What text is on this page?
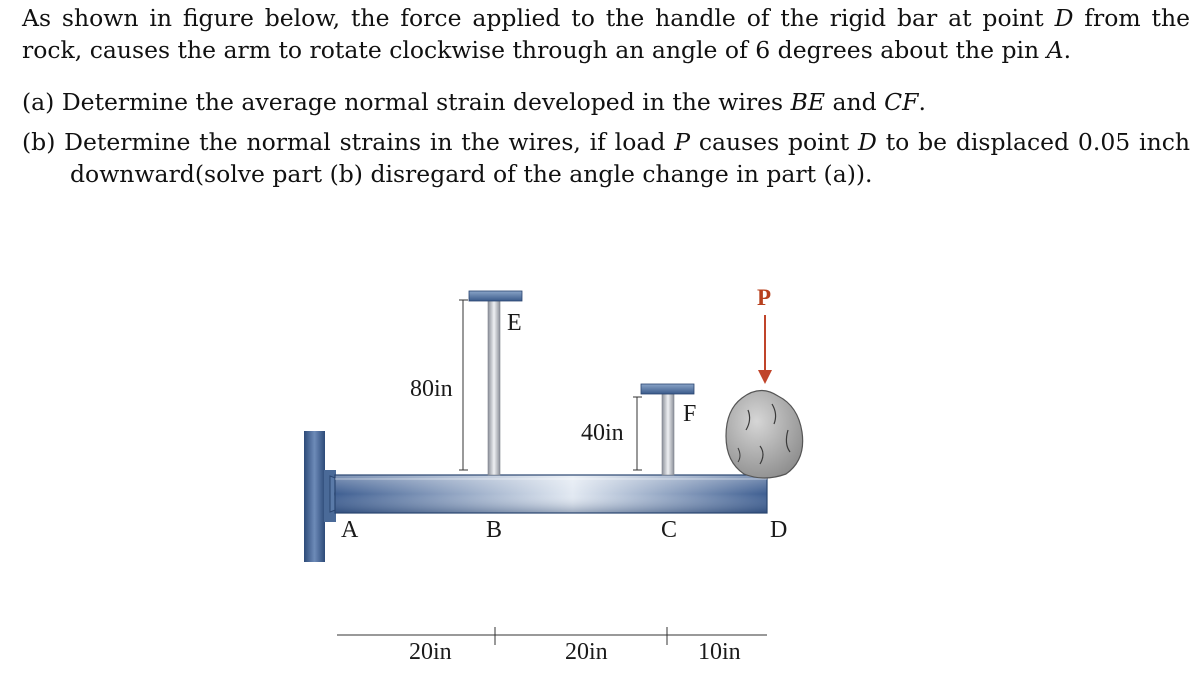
As shown in figure below, the force applied to the handle of the rigid bar at point D from the rock, causes the arm to rotate clockwise through an angle of 6 degrees about the pin A.
(a) Determine the average normal strain developed in the wires BE and CF.
(b) Determine the normal strains in the wires, if load P causes point D to be displaced 0.05 inch downward(solve part (b) disregard of the angle change in part (a)).
A	B	C	D
E
F
P
80in
40in
20in	20in	10in
